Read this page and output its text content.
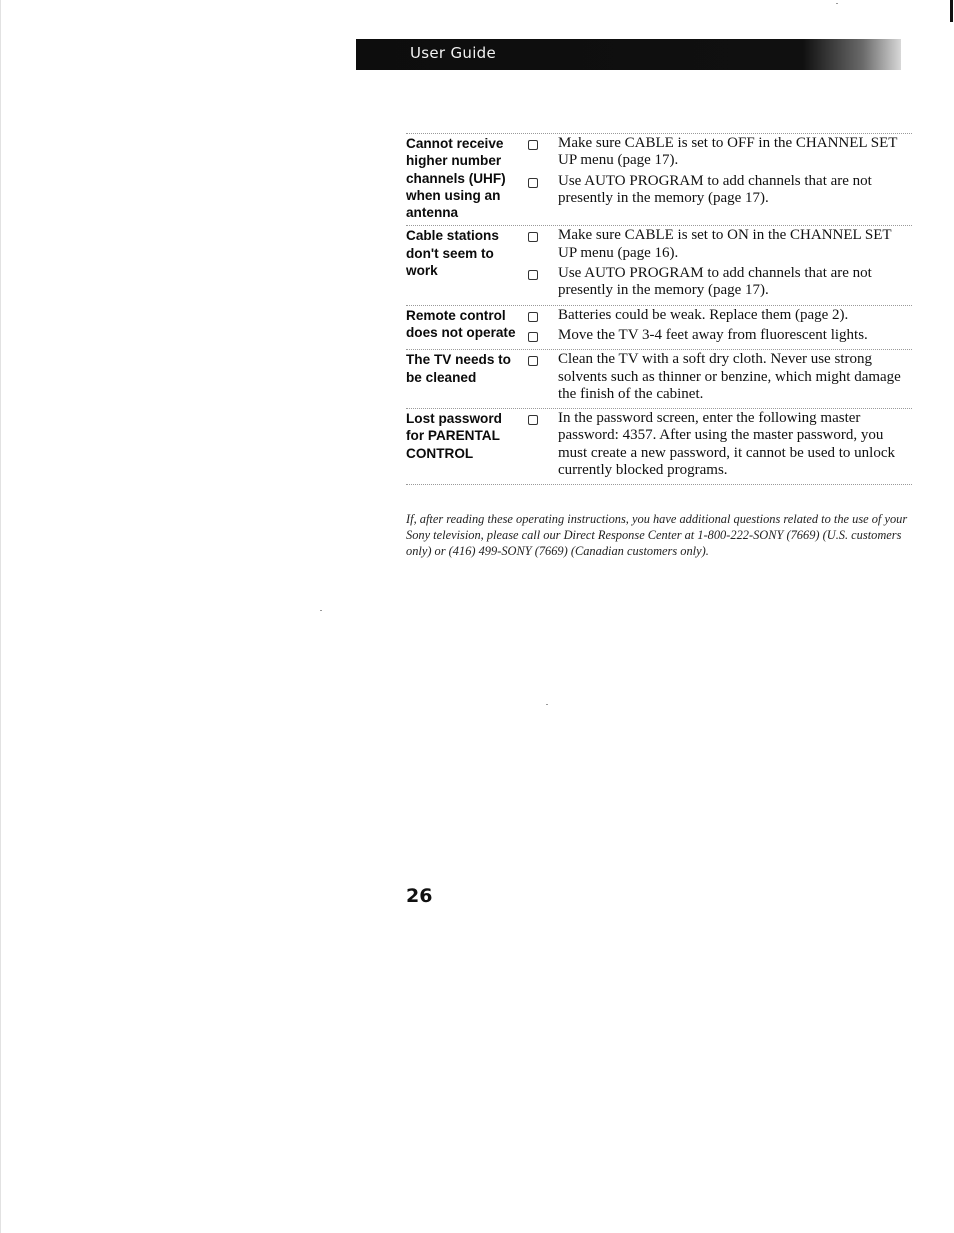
User Guide
Cannot receive higher number channels (UHF) when using an antenna
Make sure CABLE is set to OFF in the CHANNEL SET UP menu (page 17).
Use AUTO PROGRAM to add channels that are not presently in the memory (page 17).
Cable stations don't seem to work
Make sure CABLE is set to ON in the CHANNEL SET UP menu (page 16).
Use AUTO PROGRAM to add channels that are not presently in the memory (page 17).
Remote control does not operate
Batteries could be weak. Replace them (page 2).
Move the TV 3-4 feet away from fluorescent lights.
The TV needs to be cleaned
Clean the TV with a soft dry cloth. Never use strong solvents such as thinner or benzine, which might damage the finish of the cabinet.
Lost password for PARENTAL CONTROL
In the password screen, enter the following master password: 4357. After using the master password, you must create a new password, it cannot be used to unlock currently blocked programs.
If, after reading these operating instructions, you have additional questions related to the use of your Sony television, please call our Direct Response Center at 1-800-222-SONY (7669) (U.S. customers only) or (416) 499-SONY (7669) (Canadian customers only).
26
